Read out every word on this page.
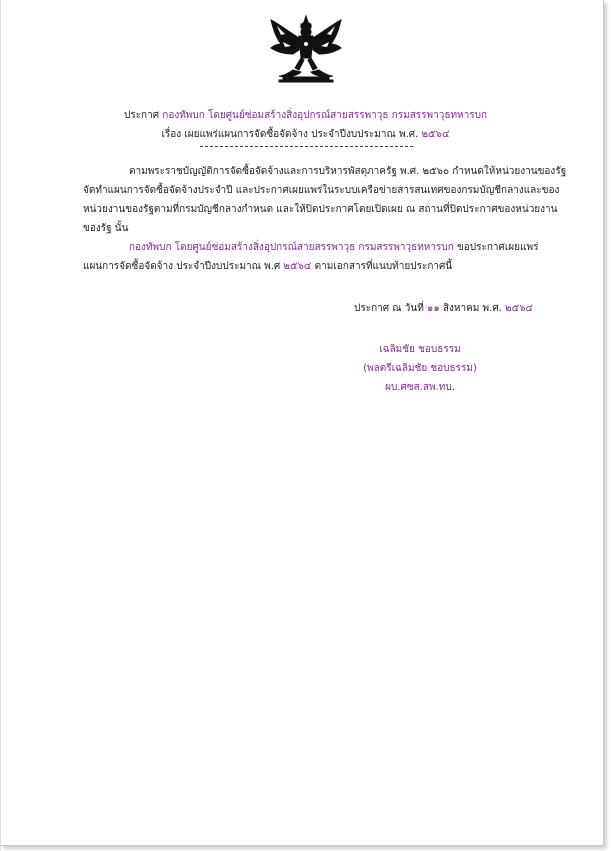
ประกาศ กองทัพบก โดยศูนย์ซ่อมสร้างสิ่งอุปกรณ์สายสรรพาวุธ กรมสรรพาวุธทหารบก
เรื่อง เผยแพร่แผนการจัดซื้อจัดจ้าง ประจำปีงบประมาณ พ.ศ. ๒๕๖๔
ตามพระราชบัญญัติการจัดซื้อจัดจ้างและการบริหารพัสดุภาครัฐ พ.ศ. ๒๕๖๐ กำหนดให้หน่วยงานของรัฐ
จัดทำแผนการจัดซื้อจัดจ้างประจำปี และประกาศเผยแพร่ในระบบเครือข่ายสารสนเทศของกรมบัญชีกลางและของ
หน่วยงานของรัฐตามที่กรมบัญชีกลางกำหนด และให้ปิดประกาศโดยเปิดเผย ณ สถานที่ปิดประกาศของหน่วยงาน
ของรัฐ นั้น
กองทัพบก โดยศูนย์ซ่อมสร้างสิ่งอุปกรณ์สายสรรพาวุธ กรมสรรพาวุธทหารบก ขอประกาศเผยแพร่
แผนการจัดซื้อจัดจ้าง ประจำปีงบประมาณ พ.ศ ๒๕๖๔ ตามเอกสารที่แนบท้ายประกาศนี้
ประกาศ ณ วันที่ ๑๑ สิงหาคม พ.ศ. ๒๕๖๔
เฉลิมชัย ชอบธรรม
(พลตรีเฉลิมชัย ชอบธรรม)
ผบ.ศซส.สพ.ทบ.
